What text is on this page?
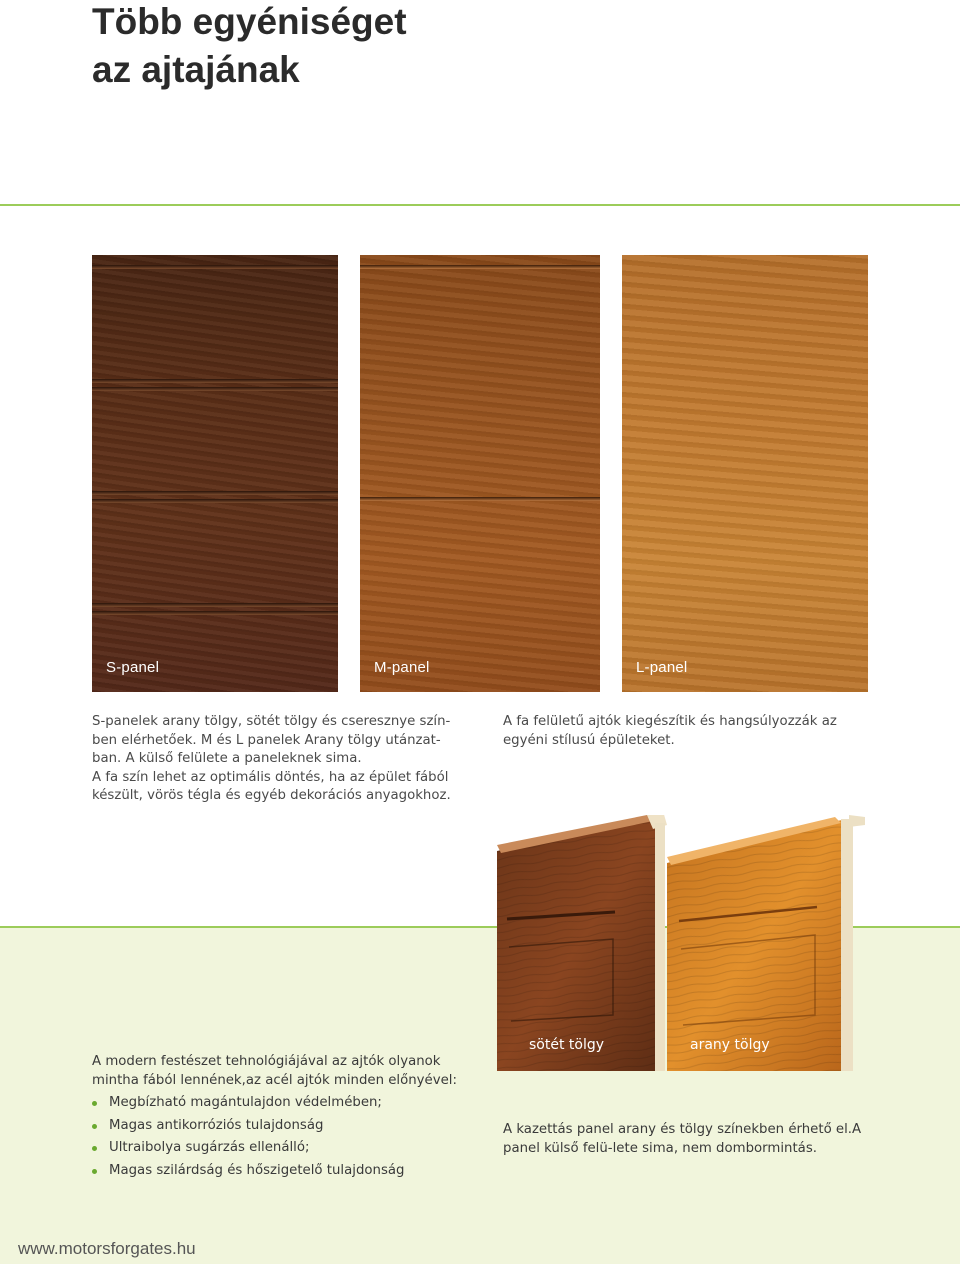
Több egyéniséget
az ajtajának
S-panel	M-panel	L-panel

S-panelek arany tölgy, sötét tölgy és cseresznye szín-
ben elérhetőek. M és L panelek Arany tölgy utánzat-
ban. A külső felülete a paneleknek sima.
A fa szín lehet az optimális döntés, ha az épület fából
készült, vörös tégla és egyéb dekorációs anyagokhoz.

A fa felületű ajtók kiegészítik és hangsúlyozzák az
egyéni stílusú épületeket.

sötét tölgy	arany tölgy
A modern festészet tehnológiájával az ajtók olyanok
mintha fából lennének,az acél ajtók minden előnyével:
Megbízható magántulajdon védelmében;
Magas antikorróziós tulajdonság
Ultraibolya sugárzás ellenálló;
Magas szilárdság és hőszigetelő tulajdonság
A kazettás panel arany és tölgy színekben érhető el.A
panel külső felü-lete sima, nem dombormintás.
www.motorsforgates.hu
